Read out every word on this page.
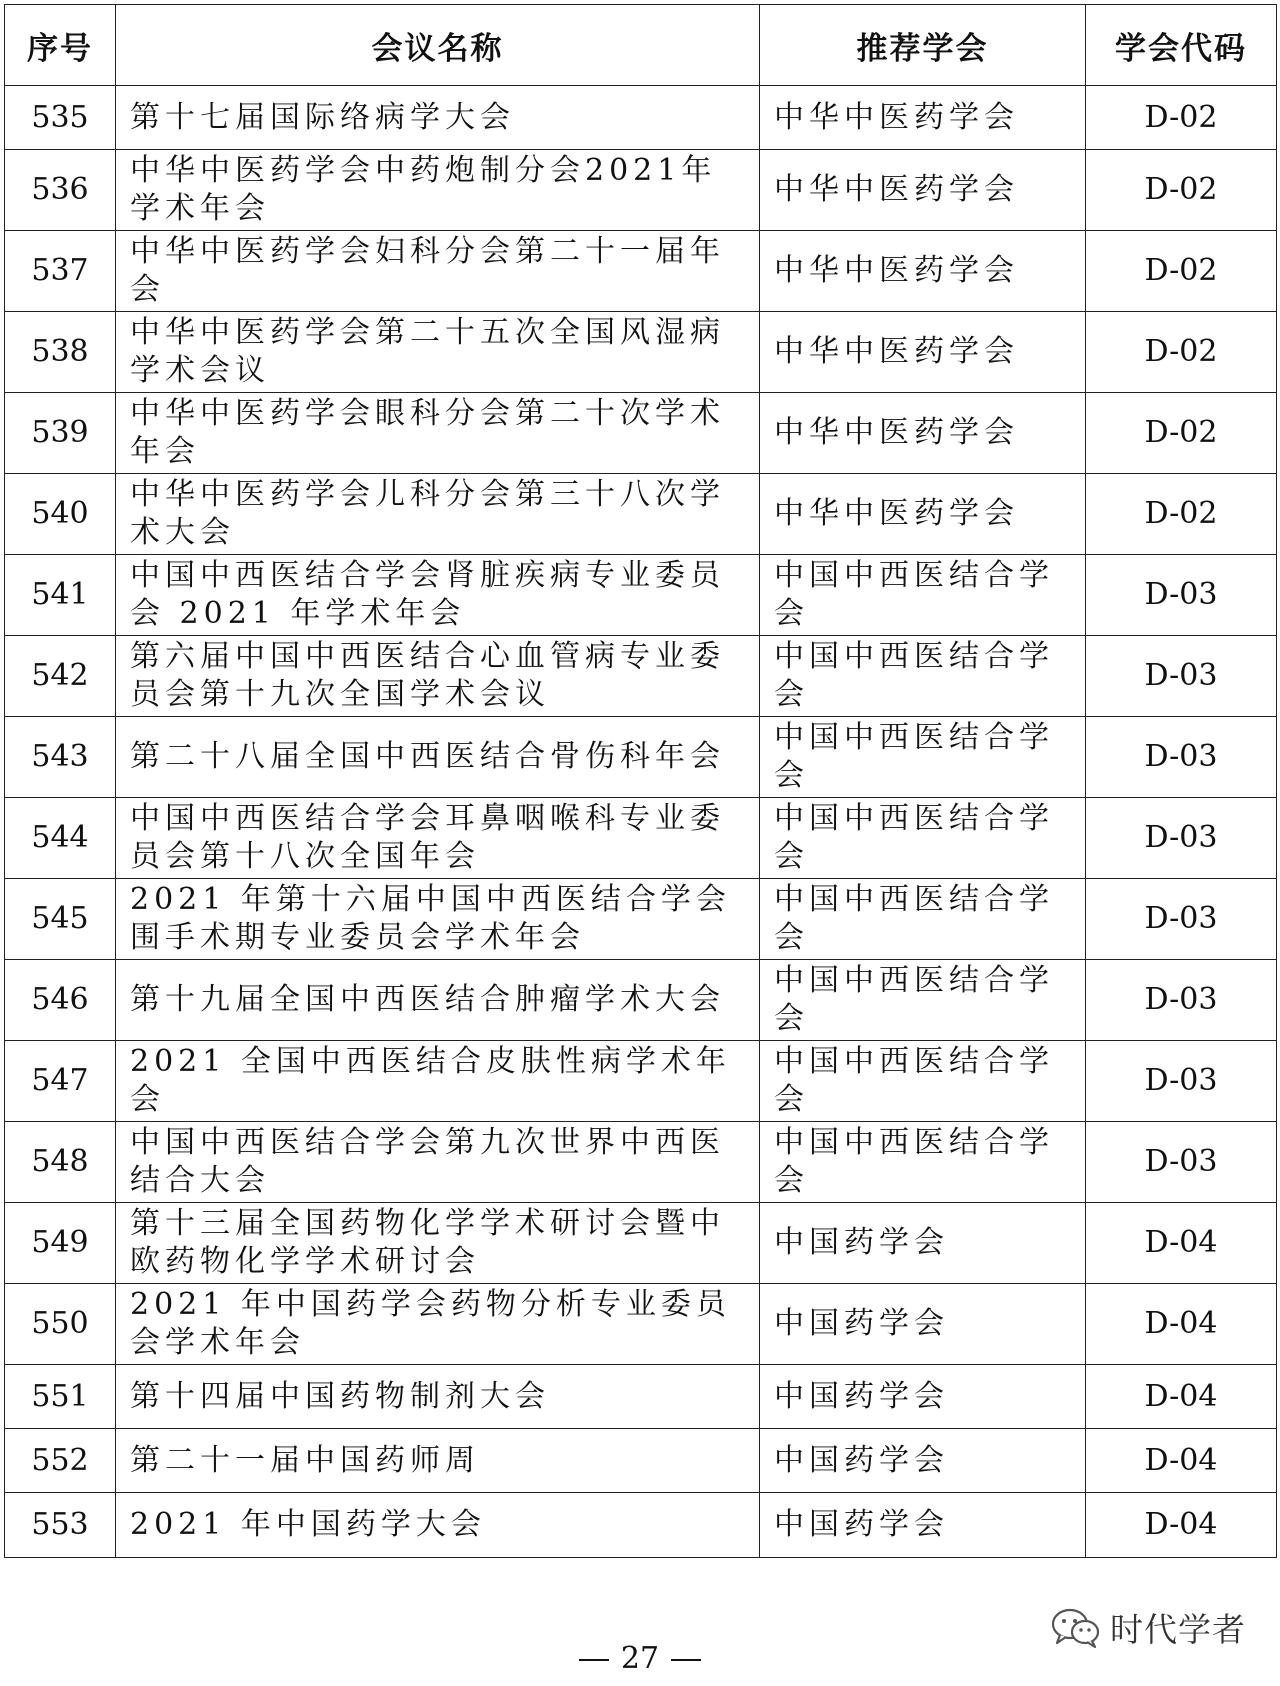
序号	会议名称	推荐学会	学会代码
535	第十七届国际络病学大会	中华中医药学会	D-02
536	中华中医药学会中药炮制分会2021年学术年会	中华中医药学会	D-02
537	中华中医药学会妇科分会第二十一届年会	中华中医药学会	D-02
538	中华中医药学会第二十五次全国风湿病学术会议	中华中医药学会	D-02
539	中华中医药学会眼科分会第二十次学术年会	中华中医药学会	D-02
540	中华中医药学会儿科分会第三十八次学术大会	中华中医药学会	D-02
541	中国中西医结合学会肾脏疾病专业委员会 2021 年学术年会	中国中西医结合学会	D-03
542	第六届中国中西医结合心血管病专业委员会第十九次全国学术会议	中国中西医结合学会	D-03
543	第二十八届全国中西医结合骨伤科年会	中国中西医结合学会	D-03
544	中国中西医结合学会耳鼻咽喉科专业委员会第十八次全国年会	中国中西医结合学会	D-03
545	2021 年第十六届中国中西医结合学会围手术期专业委员会学术年会	中国中西医结合学会	D-03
546	第十九届全国中西医结合肿瘤学术大会	中国中西医结合学会	D-03
547	2021 全国中西医结合皮肤性病学术年会	中国中西医结合学会	D-03
548	中国中西医结合学会第九次世界中西医结合大会	中国中西医结合学会	D-03
549	第十三届全国药物化学学术研讨会暨中欧药物化学学术研讨会	中国药学会	D-04
550	2021 年中国药学会药物分析专业委员会学术年会	中国药学会	D-04
551	第十四届中国药物制剂大会	中国药学会	D-04
552	第二十一届中国药师周	中国药学会	D-04
553	2021 年中国药学大会	中国药学会	D-04
时代学者
27
